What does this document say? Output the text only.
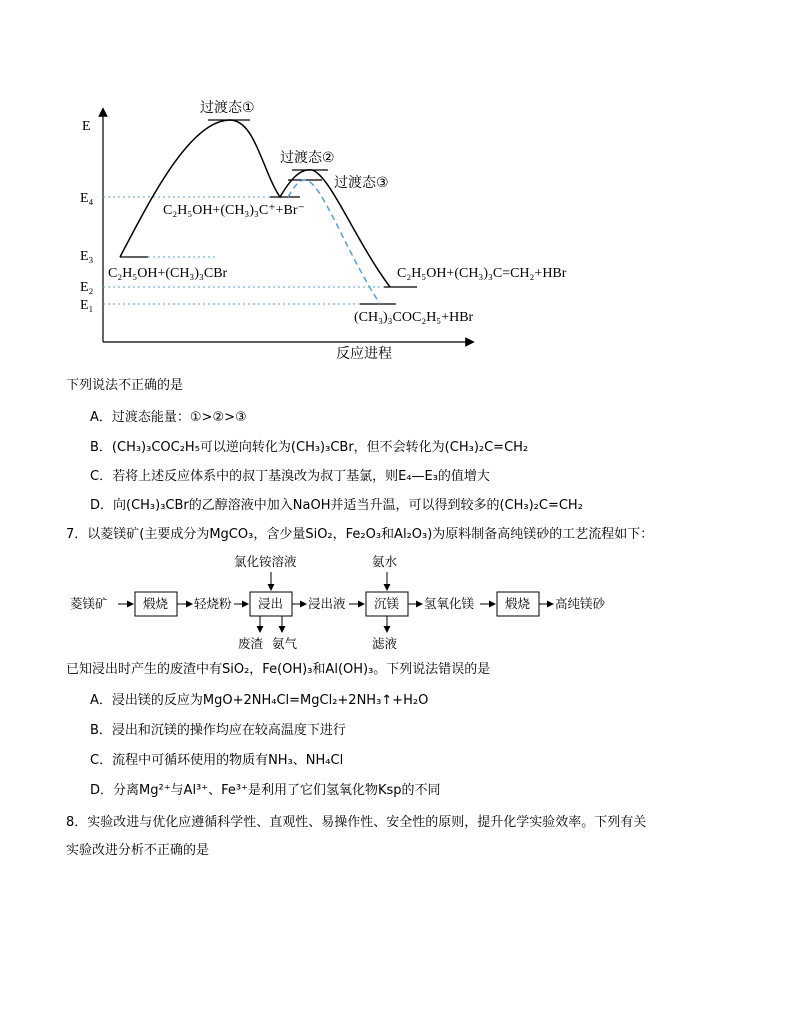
E
反应进程
E₄
E₃
E₂
E₁
过渡态①
过渡态②
过渡态③
C₂H₅OH+(CH₃)₃C⁺+Br⁻
C₂H₅OH+(CH₃)₃CBr	C₂H₅OH+(CH₃)₃C=CH₂+HBr
(CH₃)₃COC₂H₅+HBr
下列说法不正确的是
A．过渡态能量：①>②>③
B．(CH₃)₃COC₂H₅可以逆向转化为(CH₃)₃CBr，但不会转化为(CH₃)₂C=CH₂
C．若将上述反应体系中的叔丁基溴改为叔丁基氯，则E₄—E₃的值增大
D．向(CH₃)₃CBr的乙醇溶液中加入NaOH并适当升温，可以得到较多的(CH₃)₂C=CH₂
7．以菱镁矿(主要成分为MgCO₃，含少量SiO₂，Fe₂O₃和Al₂O₃)为原料制备高纯镁砂的工艺流程如下：
菱镁矿	煅烧 轻烧粉 浸出
氯化铵溶液
废渣 氨气
浸出液 沉镁
氨水
滤液
氢氧化镁 煅烧 高纯镁砂
已知浸出时产生的废渣中有SiO₂，Fe(OH)₃和Al(OH)₃。下列说法错误的是
A．浸出镁的反应为MgO+2NH₄Cl=MgCl₂+2NH₃↑+H₂O
B．浸出和沉镁的操作均应在较高温度下进行
C．流程中可循环使用的物质有NH₃、NH₄Cl
D．分离Mg²⁺与Al³⁺、Fe³⁺是利用了它们氢氧化物Ksp的不同
8．实验改进与优化应遵循科学性、直观性、易操作性、安全性的原则，提升化学实验效率。下列有关
实验改进分析不正确的是
